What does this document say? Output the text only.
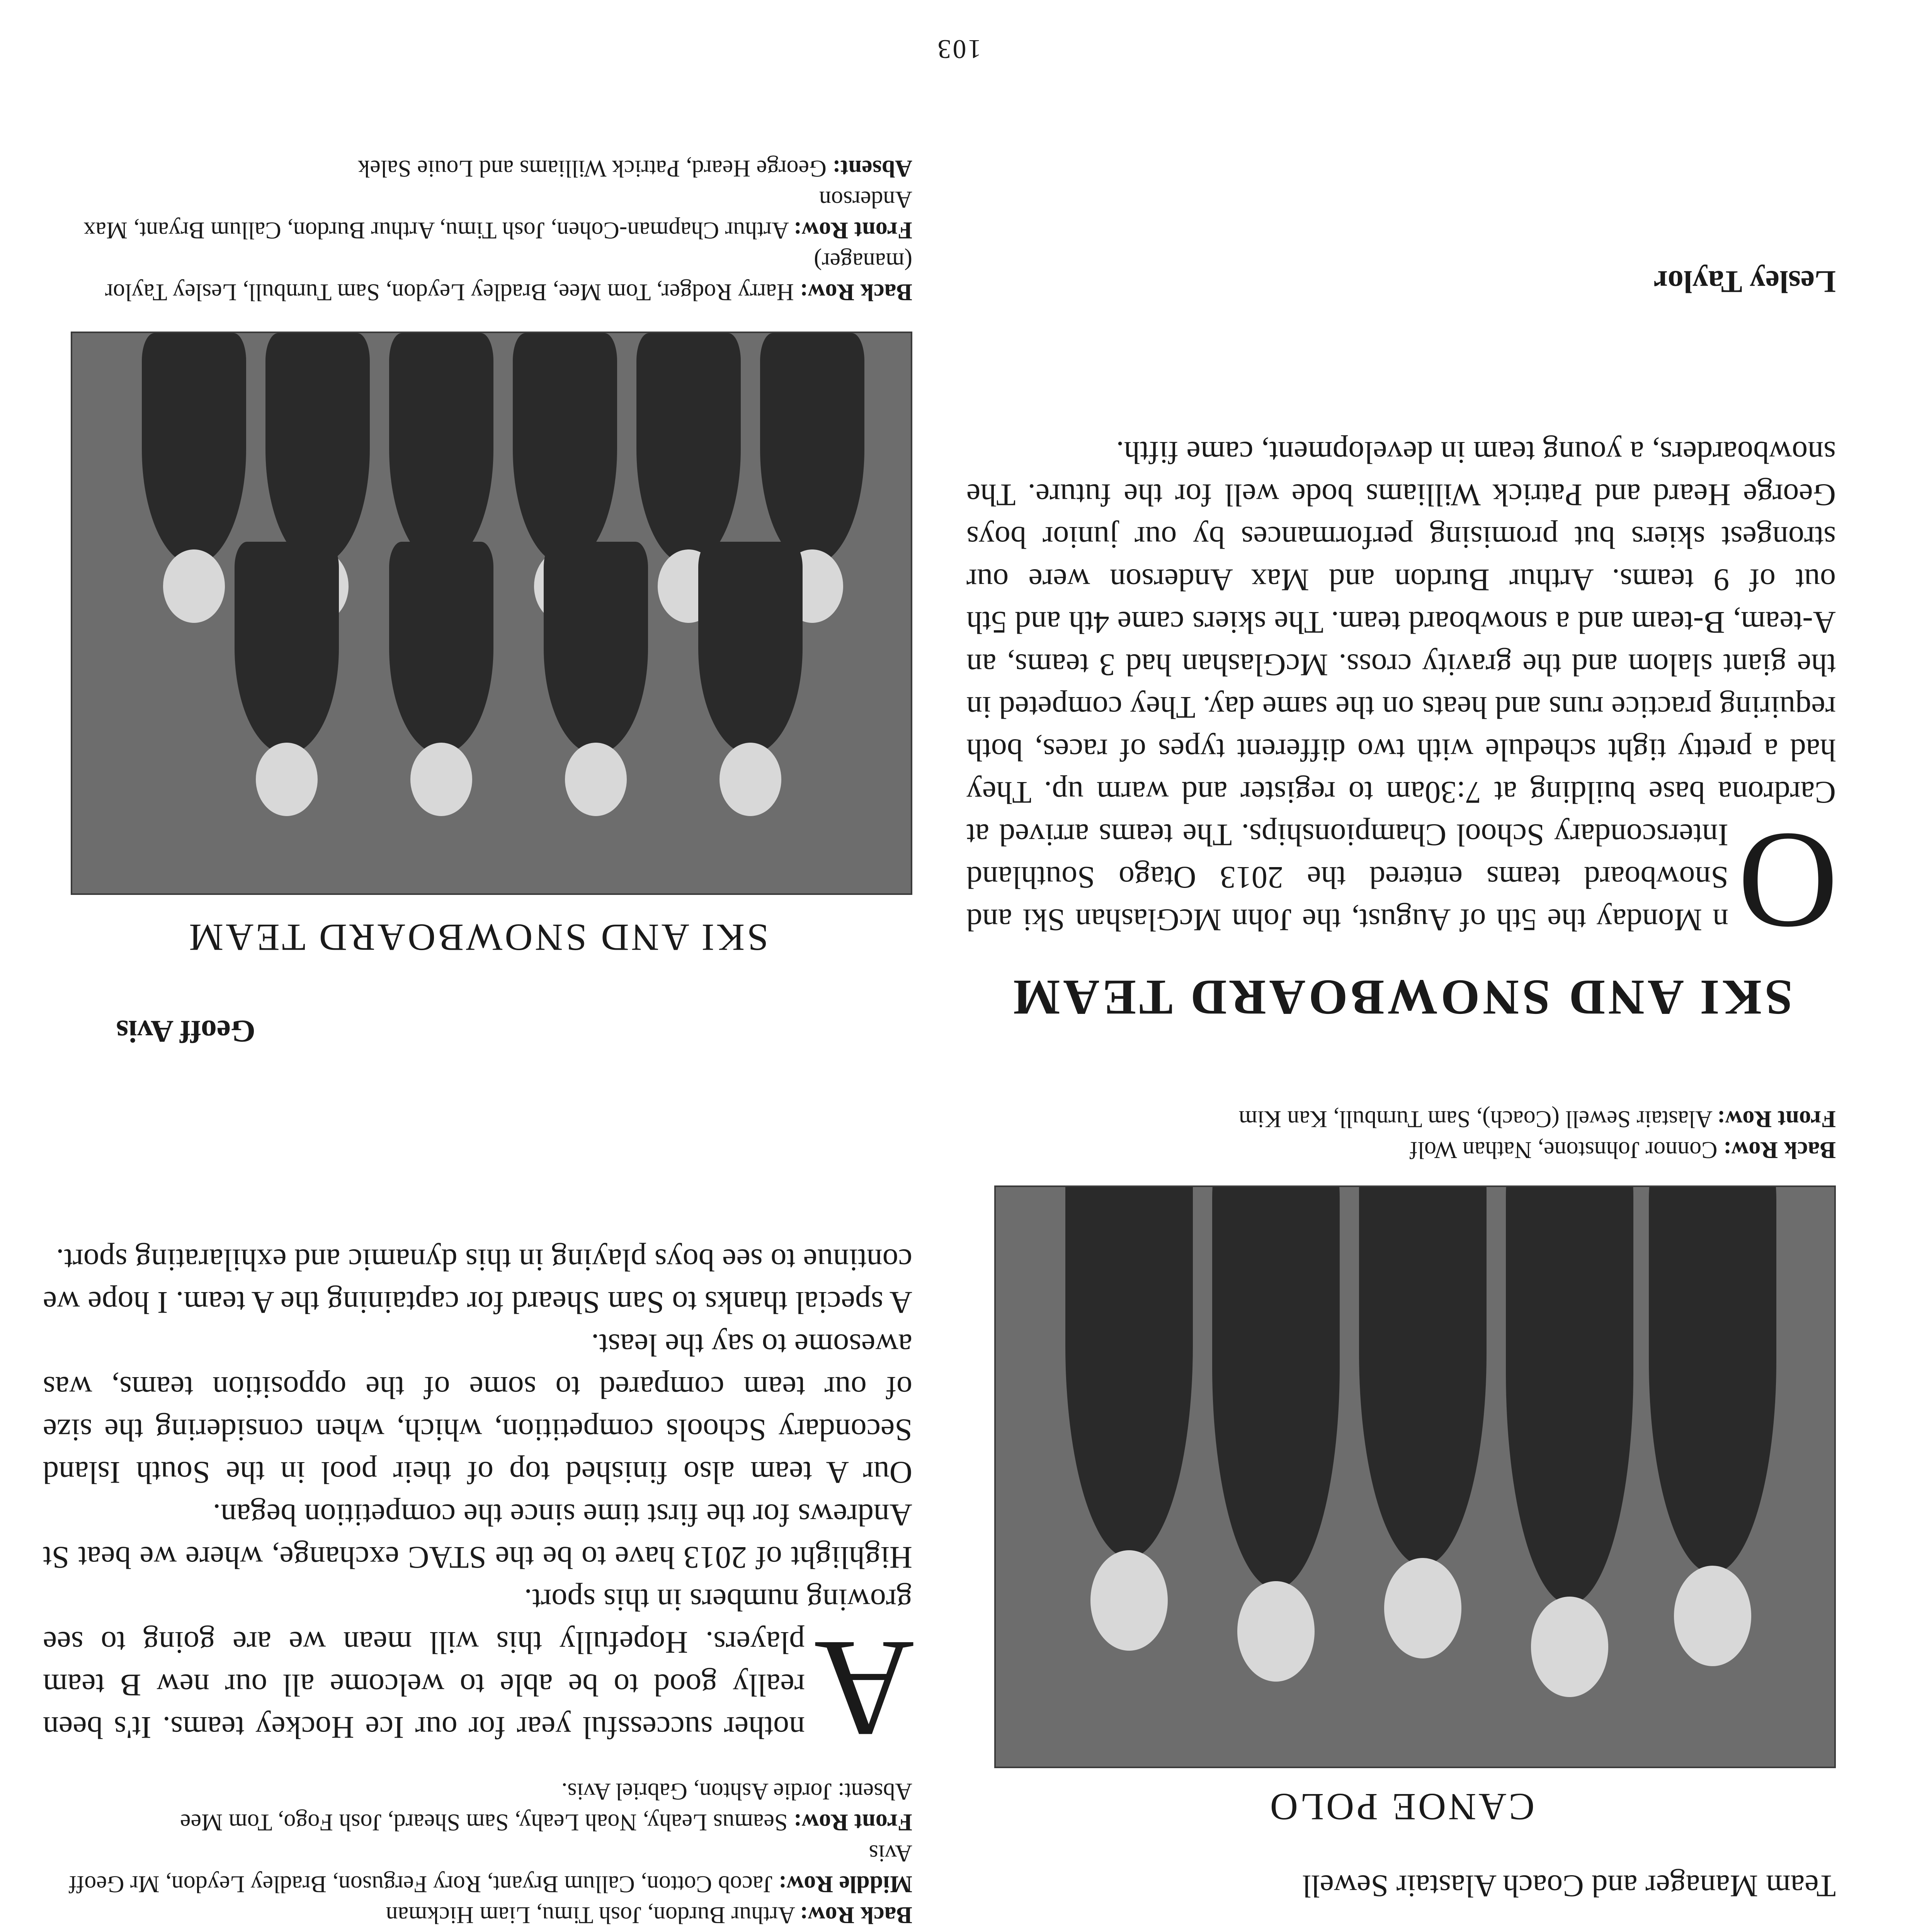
Team Manager and Coach Alastair Sewell

CANOE POLO

Back Row: Connor Johnstone, Nathan Wolf
Front Row: Alastair Sewell (Coach), Sam Turnbull, Kan Kim
SKI AND SNOWBOARD TEAM
O

n Monday the 5th of August, the John McGlashan Ski and Snowboard teams entered the 2013 Otago Southland Interscondary School Championships. The teams arrived at Cardrona base building at 7:30am to register and warm up. They had a pretty tight schedule with two different types of races, both requiring practice runs and heats on the same day. They competed in the giant slalom and the gravity cross. McGlashan had 3 teams, an A-team, B-team and a snowboard team. The skiers came 4th and 5th out of 9 teams. Arthur Burdon and Max Anderson were our strongest skiers but promising performances by our junior boys George Heard and Patrick Williams bode well for the future. The snowboarders, a young team in development, came fifth.

Lesley Taylor

Back Row: Arthur Burdon, Josh Timu, Liam Hickman
Middle Row: Jacob Cotton, Callum Bryant, Rory Ferguson, Bradley Leydon, Mr Geoff Avis
Front Row: Seamus Leahy, Noah Leahy, Sam Sheard, Josh Fogo, Tom Mee
Absent: Jordie Ashton, Gabriel Avis.
A

nother successful year for our Ice Hockey teams. It's been really good to be able to welcome all our new B team players. Hopefully this will mean we are going to see growing numbers in this sport.

Highlight of 2013 have to be the STAC exchange, where we beat St Andrews for the first time since the competition began.

Our A team also finished top of their pool in the South Island Secondary Schools competition, which, when considering the size of our team compared to some of the opposition teams, was awesome to say the least.

A special thanks to Sam Sheard for captaining the A team. I hope we continue to see boys playing in this dynamic and exhilarating sport.

Geoff Avis

SKI AND SNOWBOARD TEAM

Back Row: Harry Rodger, Tom Mee, Bradley Leydon, Sam Turnbull, Lesley Taylor (manager)
Front Row: Arthur Chapman-Cohen, Josh Timu, Arthur Burdon, Callum Bryant, Max Anderson
Absent: George Heard, Patrick Williams and Louie Salek

103
